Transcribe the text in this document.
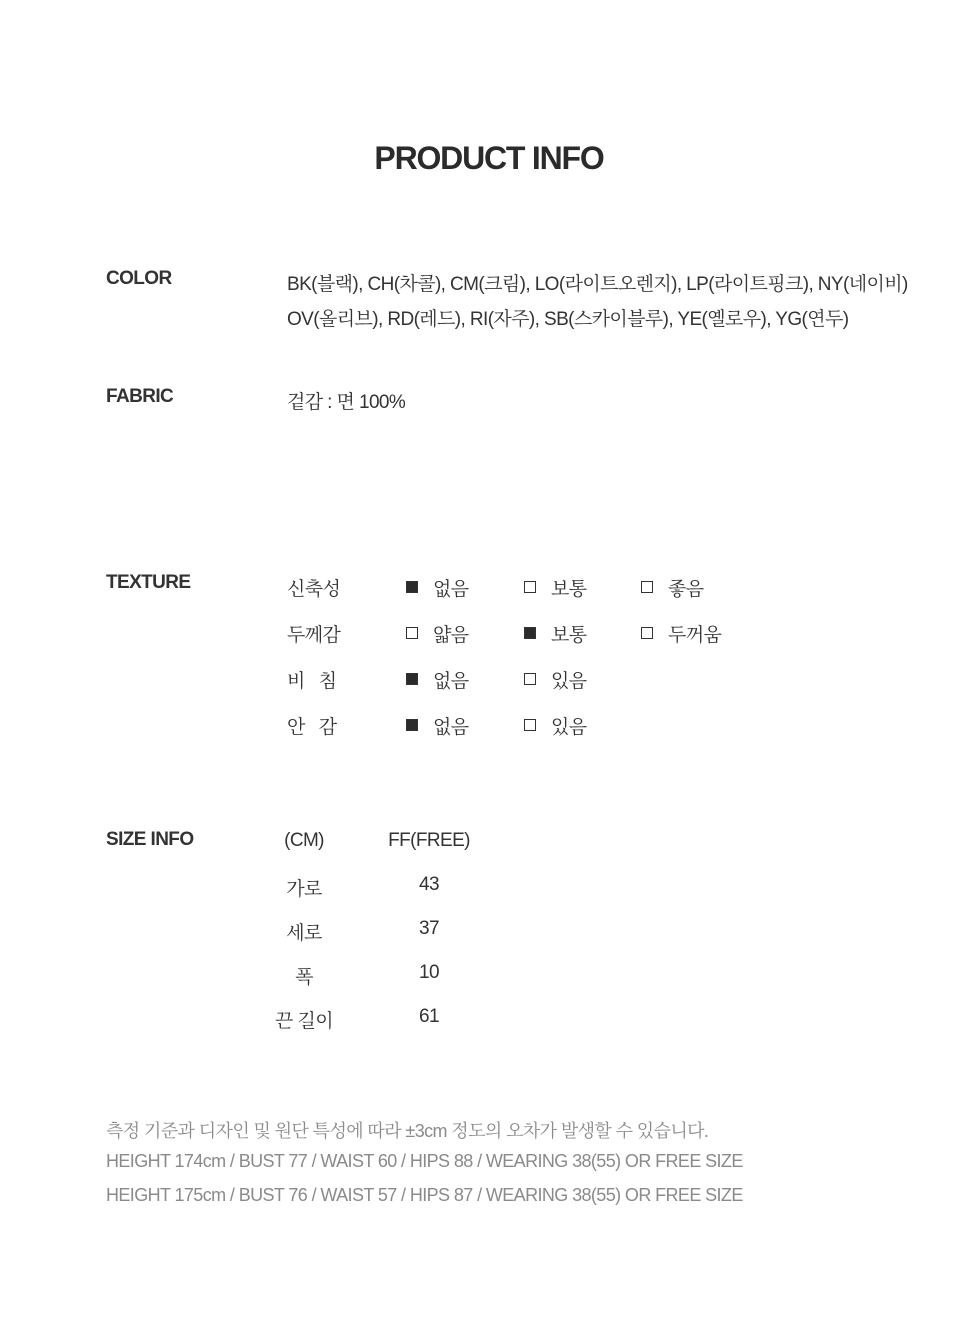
PRODUCT INFO
COLOR	BK(블랙), CH(차콜), CM(크림), LO(라이트오렌지), LP(라이트핑크), NY(네이비)
OV(올리브), RD(레드), RI(자주), SB(스카이블루), YE(옐로우), YG(연두)
FABRIC	겉감 : 면 100%
TEXTURE	신축성	없음	보통	좋음
두께감	얇음	보통	두꺼움
비   침	없음	있음
안   감	없음	있음
SIZE INFO	(CM)	FF(FREE)
가로	43
세로	37
폭	10
끈 길이	61
측정 기준과 디자인 및 원단 특성에 따라 ±3cm 정도의 오차가 발생할 수 있습니다.
HEIGHT 174cm / BUST 77 / WAIST 60 / HIPS 88 / WEARING 38(55) OR FREE SIZE
HEIGHT 175cm / BUST 76 / WAIST 57 / HIPS 87 / WEARING 38(55) OR FREE SIZE
